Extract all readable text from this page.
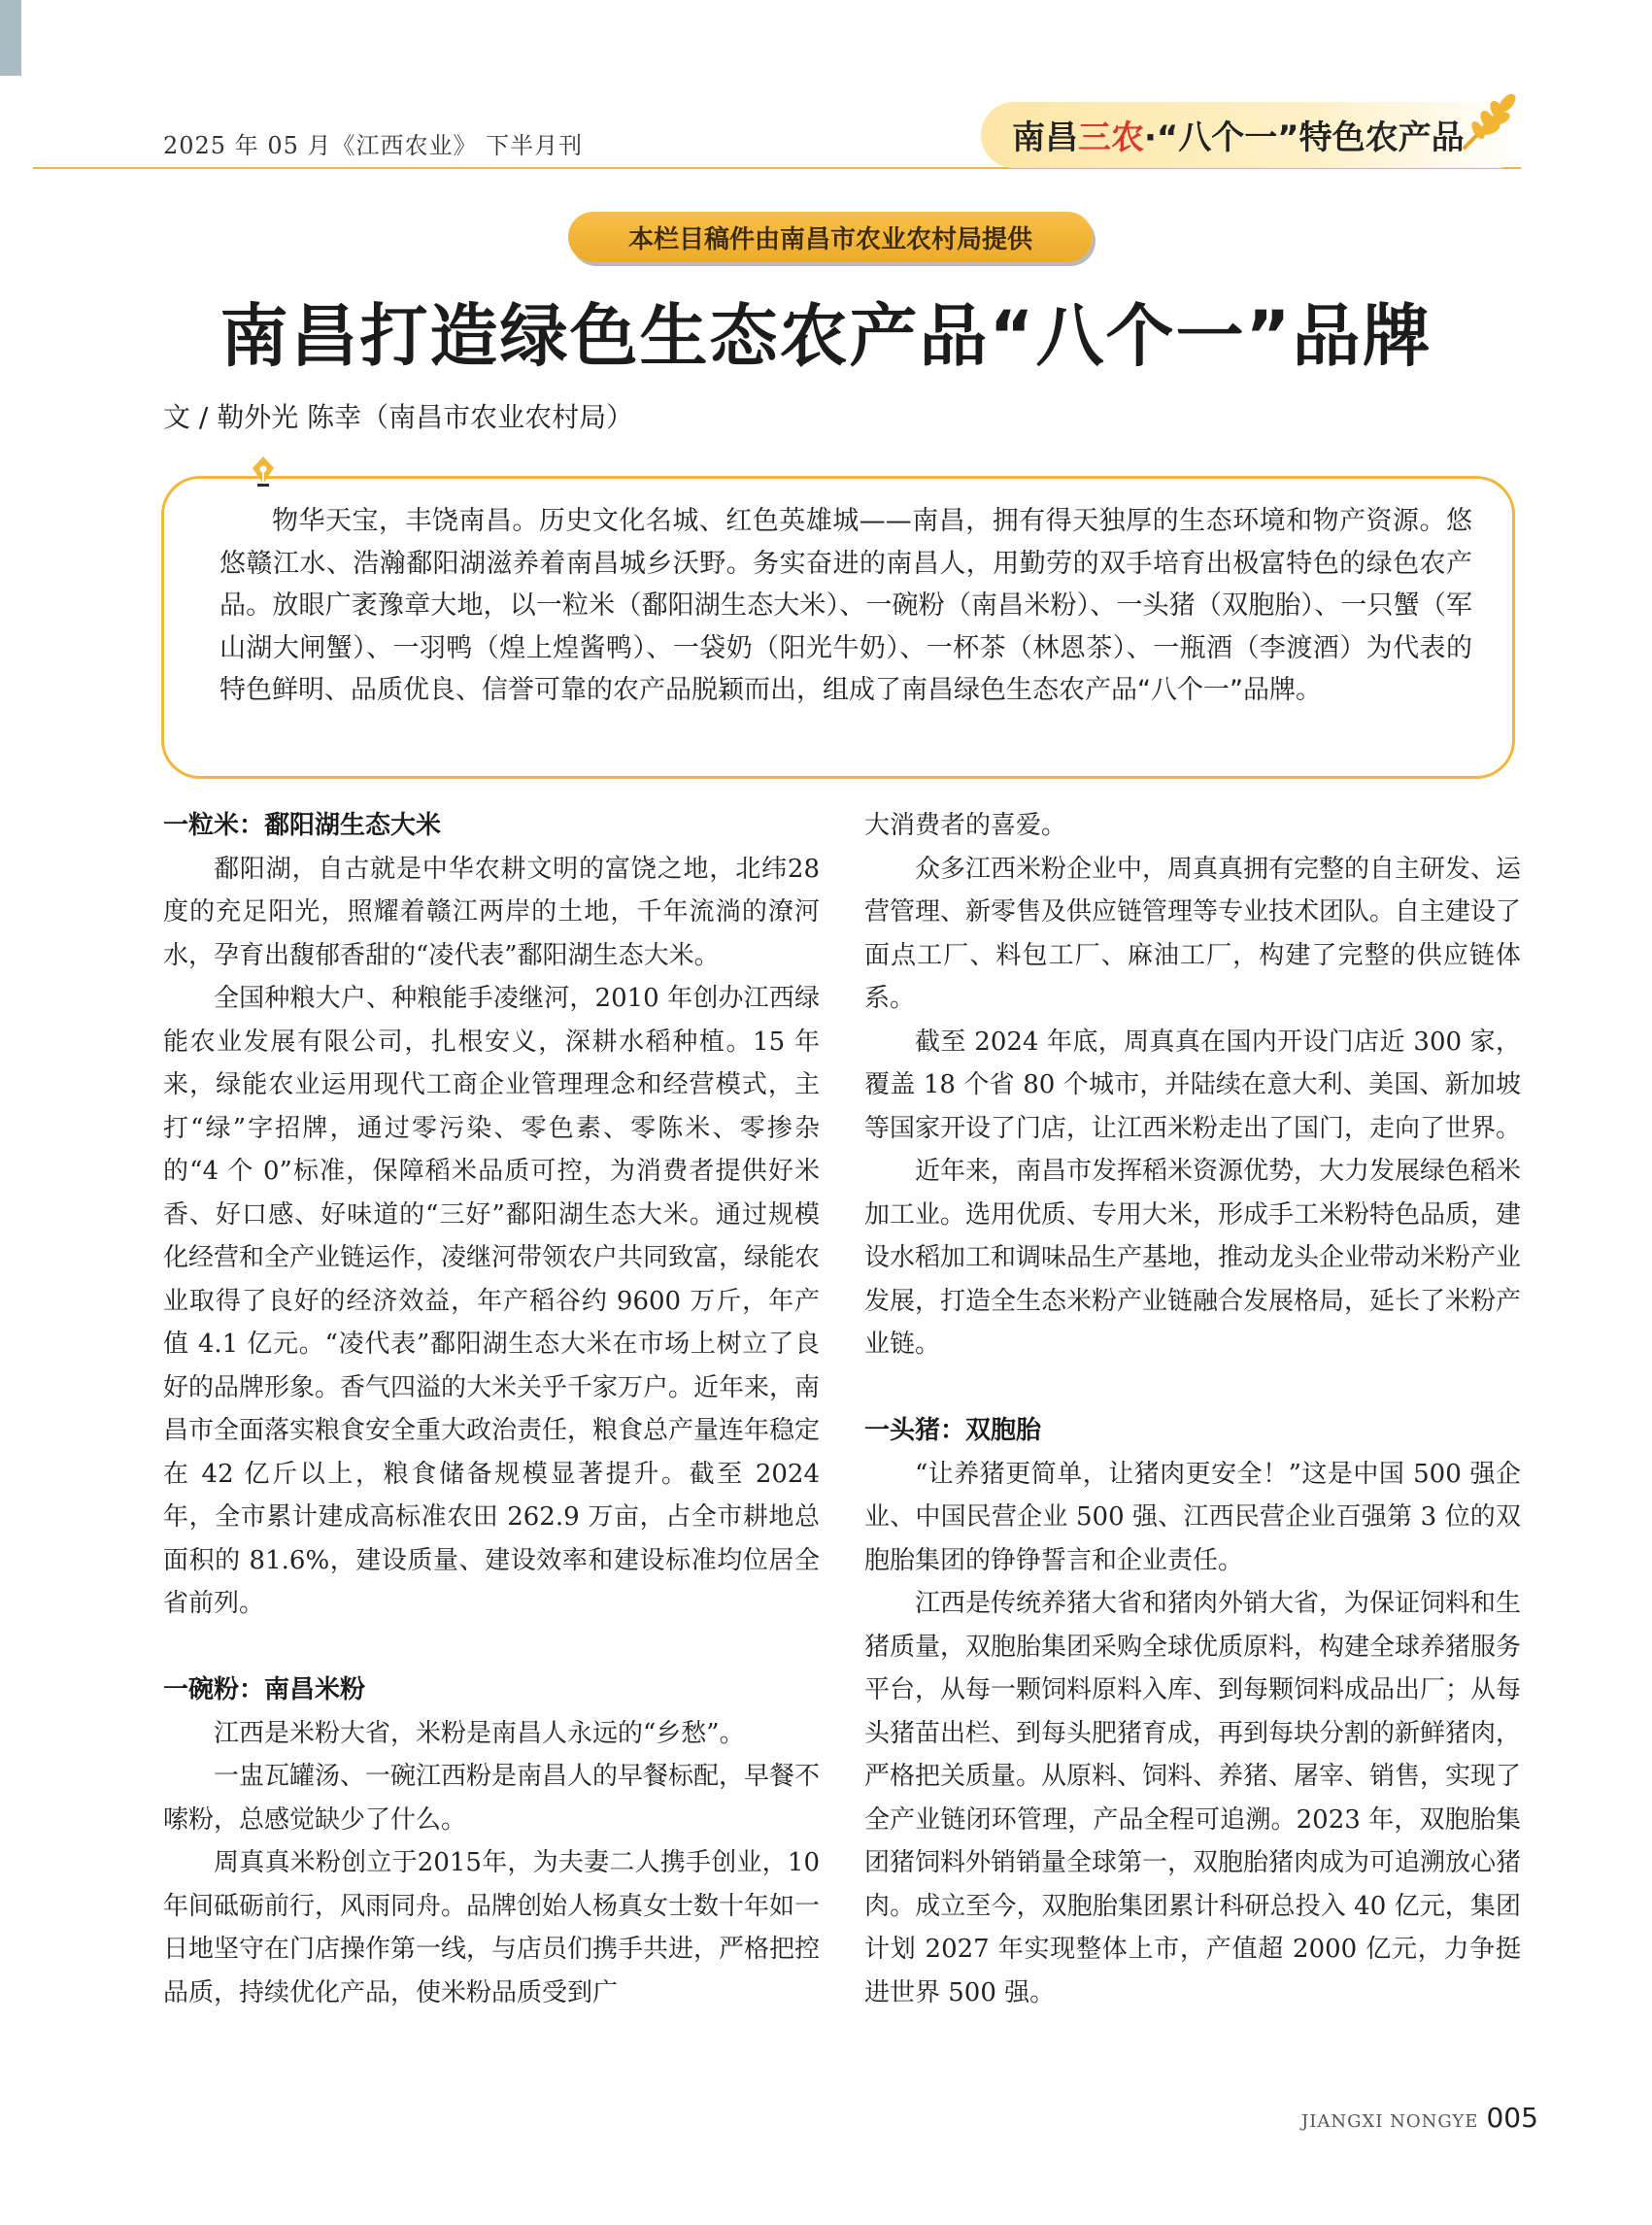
2025 年 05 月《江西农业》 下半月刊	南昌三农·“八个一”特色农产品
本栏目稿件由南昌市农业农村局提供
南昌打造绿色生态农产品“八个一”品牌
文 / 勒外光 陈幸（南昌市农业农村局）
物华天宝，丰饶南昌。历史文化名城、红色英雄城——南昌，拥有得天独厚的生态环境和物产资源。悠悠赣江水、浩瀚鄱阳湖滋养着南昌城乡沃野。务实奋进的南昌人，用勤劳的双手培育出极富特色的绿色农产品。放眼广袤豫章大地，以一粒米（鄱阳湖生态大米）、一碗粉（南昌米粉）、一头猪（双胞胎）、一只蟹（军山湖大闸蟹）、一羽鸭（煌上煌酱鸭）、一袋奶（阳光牛奶）、一杯茶（林恩茶）、一瓶酒（李渡酒）为代表的特色鲜明、品质优良、信誉可靠的农产品脱颖而出，组成了南昌绿色生态农产品“八个一”品牌。
一粒米：鄱阳湖生态大米

鄱阳湖，自古就是中华农耕文明的富饶之地，北纬28度的充足阳光，照耀着赣江两岸的土地，千年流淌的潦河水，孕育出馥郁香甜的“凌代表”鄱阳湖生态大米。

全国种粮大户、种粮能手凌继河，2010 年创办江西绿能农业发展有限公司，扎根安义，深耕水稻种植。15 年来，绿能农业运用现代工商企业管理理念和经营模式，主打“绿”字招牌，通过零污染、零色素、零陈米、零掺杂的“4 个 0”标准，保障稻米品质可控，为消费者提供好米香、好口感、好味道的“三好”鄱阳湖生态大米。通过规模化经营和全产业链运作，凌继河带领农户共同致富，绿能农业取得了良好的经济效益，年产稻谷约 9600 万斤，年产值 4.1 亿元。“凌代表”鄱阳湖生态大米在市场上树立了良好的品牌形象。香气四溢的大米关乎千家万户。近年来，南昌市全面落实粮食安全重大政治责任，粮食总产量连年稳定在 42 亿斤以上，粮食储备规模显著提升。截至 2024 年，全市累计建成高标准农田 262.9 万亩，占全市耕地总面积的 81.6%，建设质量、建设效率和建设标准均位居全省前列。

一碗粉：南昌米粉

江西是米粉大省，米粉是南昌人永远的“乡愁”。

一盅瓦罐汤、一碗江西粉是南昌人的早餐标配，早餐不嗦粉，总感觉缺少了什么。

周真真米粉创立于2015年，为夫妻二人携手创业，10 年间砥砺前行，风雨同舟。品牌创始人杨真女士数十年如一日地坚守在门店操作第一线，与店员们携手共进，严格把控品质，持续优化产品，使米粉品质受到广

大消费者的喜爱。

众多江西米粉企业中，周真真拥有完整的自主研发、运营管理、新零售及供应链管理等专业技术团队。自主建设了面点工厂、料包工厂、麻油工厂，构建了完整的供应链体系。

截至 2024 年底，周真真在国内开设门店近 300 家，覆盖 18 个省 80 个城市，并陆续在意大利、美国、新加坡等国家开设了门店，让江西米粉走出了国门，走向了世界。

近年来，南昌市发挥稻米资源优势，大力发展绿色稻米加工业。选用优质、专用大米，形成手工米粉特色品质，建设水稻加工和调味品生产基地，推动龙头企业带动米粉产业发展，打造全生态米粉产业链融合发展格局，延长了米粉产业链。

一头猪：双胞胎

“让养猪更简单，让猪肉更安全！”这是中国 500 强企业、中国民营企业 500 强、江西民营企业百强第 3 位的双胞胎集团的铮铮誓言和企业责任。

江西是传统养猪大省和猪肉外销大省，为保证饲料和生猪质量，双胞胎集团采购全球优质原料，构建全球养猪服务平台，从每一颗饲料原料入库、到每颗饲料成品出厂；从每头猪苗出栏、到每头肥猪育成，再到每块分割的新鲜猪肉，严格把关质量。从原料、饲料、养猪、屠宰、销售，实现了全产业链闭环管理，产品全程可追溯。2023 年，双胞胎集团猪饲料外销销量全球第一，双胞胎猪肉成为可追溯放心猪肉。成立至今，双胞胎集团累计科研总投入 40 亿元，集团计划 2027 年实现整体上市，产值超 2000 亿元，力争挺进世界 500 强。

JIANGXI NONGYE 005
